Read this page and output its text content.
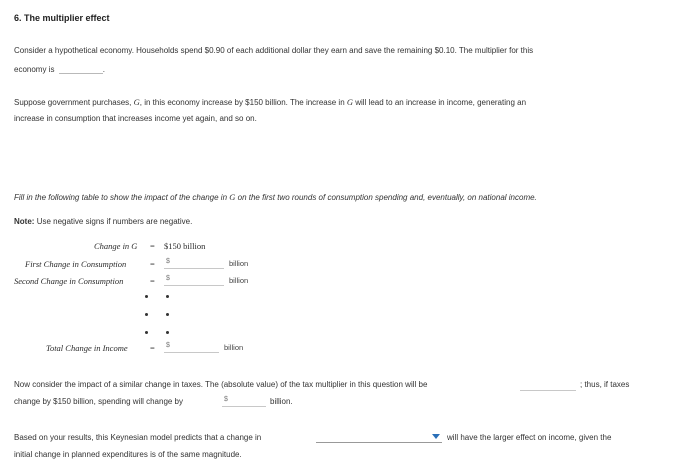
6. The multiplier effect
Consider a hypothetical economy. Households spend $0.90 of each additional dollar they earn and save the remaining $0.10. The multiplier for this
economy is	.
Suppose government purchases, G, in this economy increase by $150 billion. The increase in G will lead to an increase in income, generating an
increase in consumption that increases income yet again, and so on.
Fill in the following table to show the impact of the change in G on the first two rounds of consumption spending and, eventually, on national income.
Note: Use negative signs if numbers are negative.
Change in G = $150 billion
First Change in Consumption	= $	billion
Second Change in Consumption	= $	billion
Total Change in Income	= $	billion
Now consider the impact of a similar change in taxes. The (absolute value) of the tax multiplier in this question will be	; thus, if taxes
change by $150 billion, spending will change by	$	billion.
Based on your results, this Keynesian model predicts that a change in	will have the larger effect on income, given the
initial change in planned expenditures is of the same magnitude.
